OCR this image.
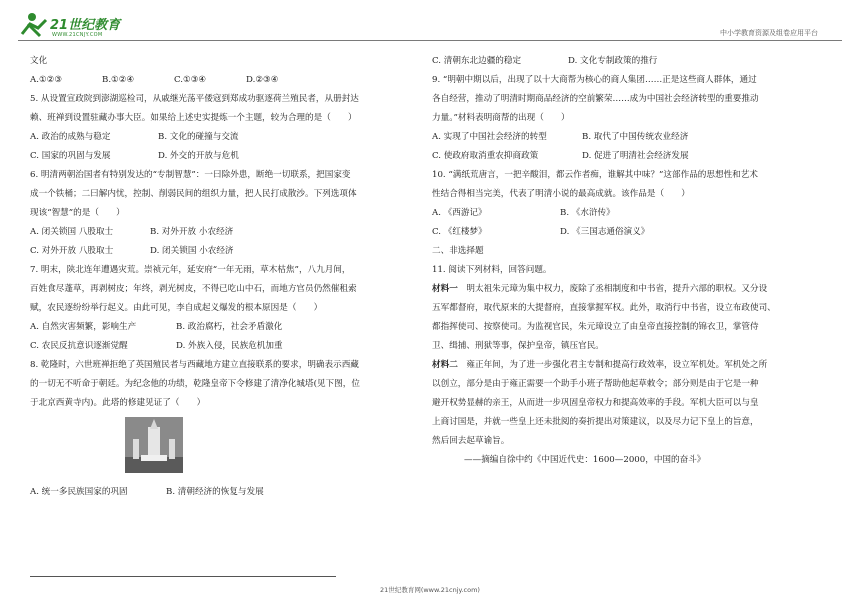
21世纪教育
WWW.21CNJY.COM	中小学教育资源及组卷应用平台
文化
A.①②③	B.①②④	C.①③④	D.②③④
5. 从设置宣政院到澎湖巡检司，从戚继光荡平倭寇到郑成功驱逐荷兰殖民者，从册封达
赖、班禅到设置驻藏办事大臣。如果给上述史实提炼一个主题，较为合理的是（　　）
A. 政治的成熟与稳定	B. 文化的碰撞与交流
C. 国家的巩固与发展	D. 外交的开放与危机
6. 明清两朝治国者有特别发达的“专制智慧”：一曰除外患，断绝一切联系，把国家变
成一个铁桶；二曰解内忧，控制、削弱民间的组织力量，把人民打成散沙。下列选项体
现该“智慧”的是（　　）
A. 闭关锁国 八股取士	B. 对外开放 小农经济
C. 对外开放 八股取士	D. 闭关锁国 小农经济
7. 明末，陕北连年遭遇灾荒。崇祯元年，延安府“一年无雨，草木枯焦”，八九月间，
百姓食尽蓬草，再剥树皮；年终，剥光树皮，不得已吃山中石，而地方官员仍然催租索
赋，农民逐纷纷举行起义。由此可见，李自成起义爆发的根本原因是（　　）
A. 自然灾害频繁，影响生产	B. 政治腐朽，社会矛盾激化
C. 农民反抗意识逐渐觉醒	D. 外族入侵，民族危机加重
8. 乾隆时，六世班禅拒绝了英国殖民者与西藏地方建立直接联系的要求，明确表示西藏
的一切无不听命于朝廷。为纪念他的功绩，乾隆皇帝下令修建了清净化城塔(见下图，位
于北京西黄寺内)。此塔的修建见证了（　　）
A. 统一多民族国家的巩固	B. 清朝经济的恢复与发展
C. 清朝东北边疆的稳定	D. 文化专制政策的推行
9. “明朝中期以后，出现了以十大商帮为核心的商人集团……正是这些商人群体，通过
各自经营，推动了明清时期商品经济的空前繁荣……成为中国社会经济转型的重要推动
力量。”材料表明商帮的出现（　　）
A. 实现了中国社会经济的转型	B. 取代了中国传统农业经济
C. 使政府取消重农抑商政策	D. 促进了明清社会经济发展
10. “满纸荒唐言，一把辛酸泪，都云作者痴，谁解其中味？”这部作品的思想性和艺术
性结合得相当完美，代表了明清小说的最高成就。该作品是（　　）
A. 《西游记》	B. 《水浒传》
C. 《红楼梦》	D. 《三国志通俗演义》
二、非选择题
11. 阅读下列材料，回答问题。
材料一　明太祖朱元璋为集中权力，废除了丞相制度和中书省，提升六部的职权。又分设
五军都督府，取代原来的大提督府，直接掌握军权。此外，取消行中书省，设立布政使司、
都指挥使司、按察使司。为监视官民，朱元璋设立了由皇帝直接控制的锦衣卫，掌管侍
卫、缉捕、刑狱等事，保护皇帝，镇压官民。
材料二　雍正年间，为了进一步强化君主专制和提高行政效率，设立军机处。军机处之所
以创立，部分是由于雍正需要一个助手小班子帮助他起草敕令；部分则是由于它是一种
避开权势显赫的亲王，从而进一步巩固皇帝权力和提高效率的手段。军机大臣可以与皇
上商讨国是，并就一些皇上还未批阅的奏折提出对策建议，以及尽力记下皇上的旨意，
然后回去起草谕旨。
——摘编自徐中约《中国近代史：1600—2000，中国的奋斗》
21世纪教育网(www.21cnjy.com)
